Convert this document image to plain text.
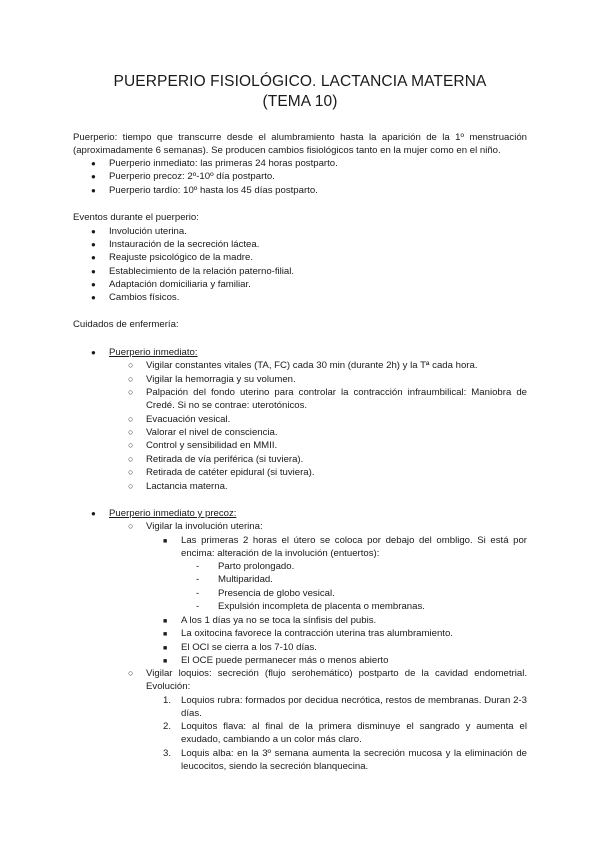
PUERPERIO FISIOLÓGICO. LACTANCIA MATERNA
(TEMA 10)

Puerperio: tiempo que transcurre desde el alumbramiento hasta la aparición de la 1º menstruación (aproximadamente 6 semanas). Se producen cambios fisiológicos tanto en la mujer como en el niño.

● Puerperio inmediato: las primeras 24 horas postparto.
● Puerperio precoz: 2º-10º día postparto.
● Puerperio tardío: 10º hasta los 45 días postparto.

Eventos durante el puerperio:

● Involución uterina.
● Instauración de la secreción láctea.
● Reajuste psicológico de la madre.
● Establecimiento de la relación paterno-filial.
● Adaptación domiciliaria y familiar.
● Cambios físicos.

Cuidados de enfermería:

● Puerperio inmediato:
○ Vigilar constantes vitales (TA, FC) cada 30 min (durante 2h) y la Tª cada hora.
○ Vigilar la hemorragia y su volumen.
○	Palpación del fondo uterino para controlar la contracción infraumbilical: Maniobra de Credé. Si no se contrae: uterotónicos.

○ Evacuación vesical.
○ Valorar el nivel de consciencia.
○ Control y sensibilidad en MMII.
○ Retirada de vía periférica (si tuviera).
○ Retirada de catéter epidural (si tuviera).
○ Lactancia materna.
● Puerperio inmediato y precoz:
○ Vigilar la involución uterina:
■	Las primeras 2 horas el útero se coloca por debajo del ombligo. Si está por encima: alteración de la involución (entuertos):

- Parto prolongado.
- Multiparidad.
- Presencia de globo vesical.
- Expulsión incompleta de placenta o membranas.
■ A los 1 días ya no se toca la sínfisis del pubis.
■ La oxitocina favorece la contracción uterina tras alumbramiento.
■ El OCI se cierra a los 7-10 días.
■ El OCE puede permanecer más o menos abierto
○	Vigilar loquios: secreción (flujo serohemático) postparto de la cavidad endometrial. Evolución:

1. Loquios rubra: formados por decidua necrótica, restos de membranas. Duran 2-3 días.

2. Loquitos flava: al final de la primera disminuye el sangrado y aumenta el exudado, cambiando a un color más claro.

3. Loquis alba: en la 3º semana aumenta la secreción mucosa y la eliminación de leucocitos, siendo la secreción blanquecina.
